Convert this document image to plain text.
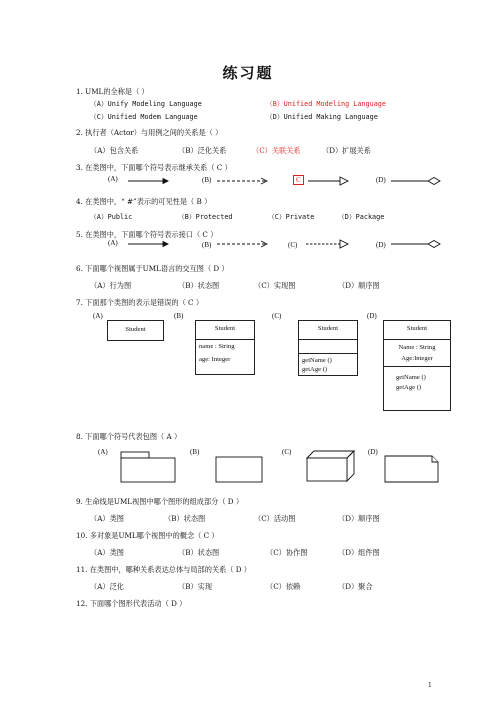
练习题
1. UML的全称是（ ）
（A）Unify Modeling Language	（B）Unified Modeling Language
（C）Unified Modem Language	（D）Unified Making Language
2. 执行者（Actor）与用例之间的关系是（ ）
（A）包含关系	（B）泛化关系	（C）关联关系	（D）扩展关系
3. 在类图中，下面哪个符号表示继承关系（ C ）
(A)	(B)	C	(D)
4. 在类图中，“ #”表示的可见性是（ B ）
（A）Public	（B）Protected	（C）Private	（D）Package
5. 在类图中，下面哪个符号表示接口（ C ）
(A)	(B)	(C)	(D)
6. 下面哪个视图属于UML语言的交互图（ D ）
（A）行为图	（B）状态图	（C）实现图	（D）顺序图
7. 下面那个类图的表示是错误的（ C ）
(A)	(B)	(C)	(D)
Student	Student
name : String
age: Integer
Student
getName ()
getAge ()
Student
Name : String
Age:Integer
getName ()
getAge ()
8. 下面哪个符号代表包图（ A ）
(A)	(B)	(C)	(D)
9. 生命线是UML视图中哪个图形的组成部分（ D ）
（A）类图	（B）状态图	（C）活动图	（D）顺序图
10. 多对象是UML哪个视图中的概念（ C ）
（A）类图	（B）状态图	（C）协作图	（D）组件图
11. 在类图中，哪种关系表达总体与局部的关系（ D ）
（A）泛化	（B）实现	（C）依赖	（D）聚合
12. 下面哪个图形代表活动（ D ）
1
